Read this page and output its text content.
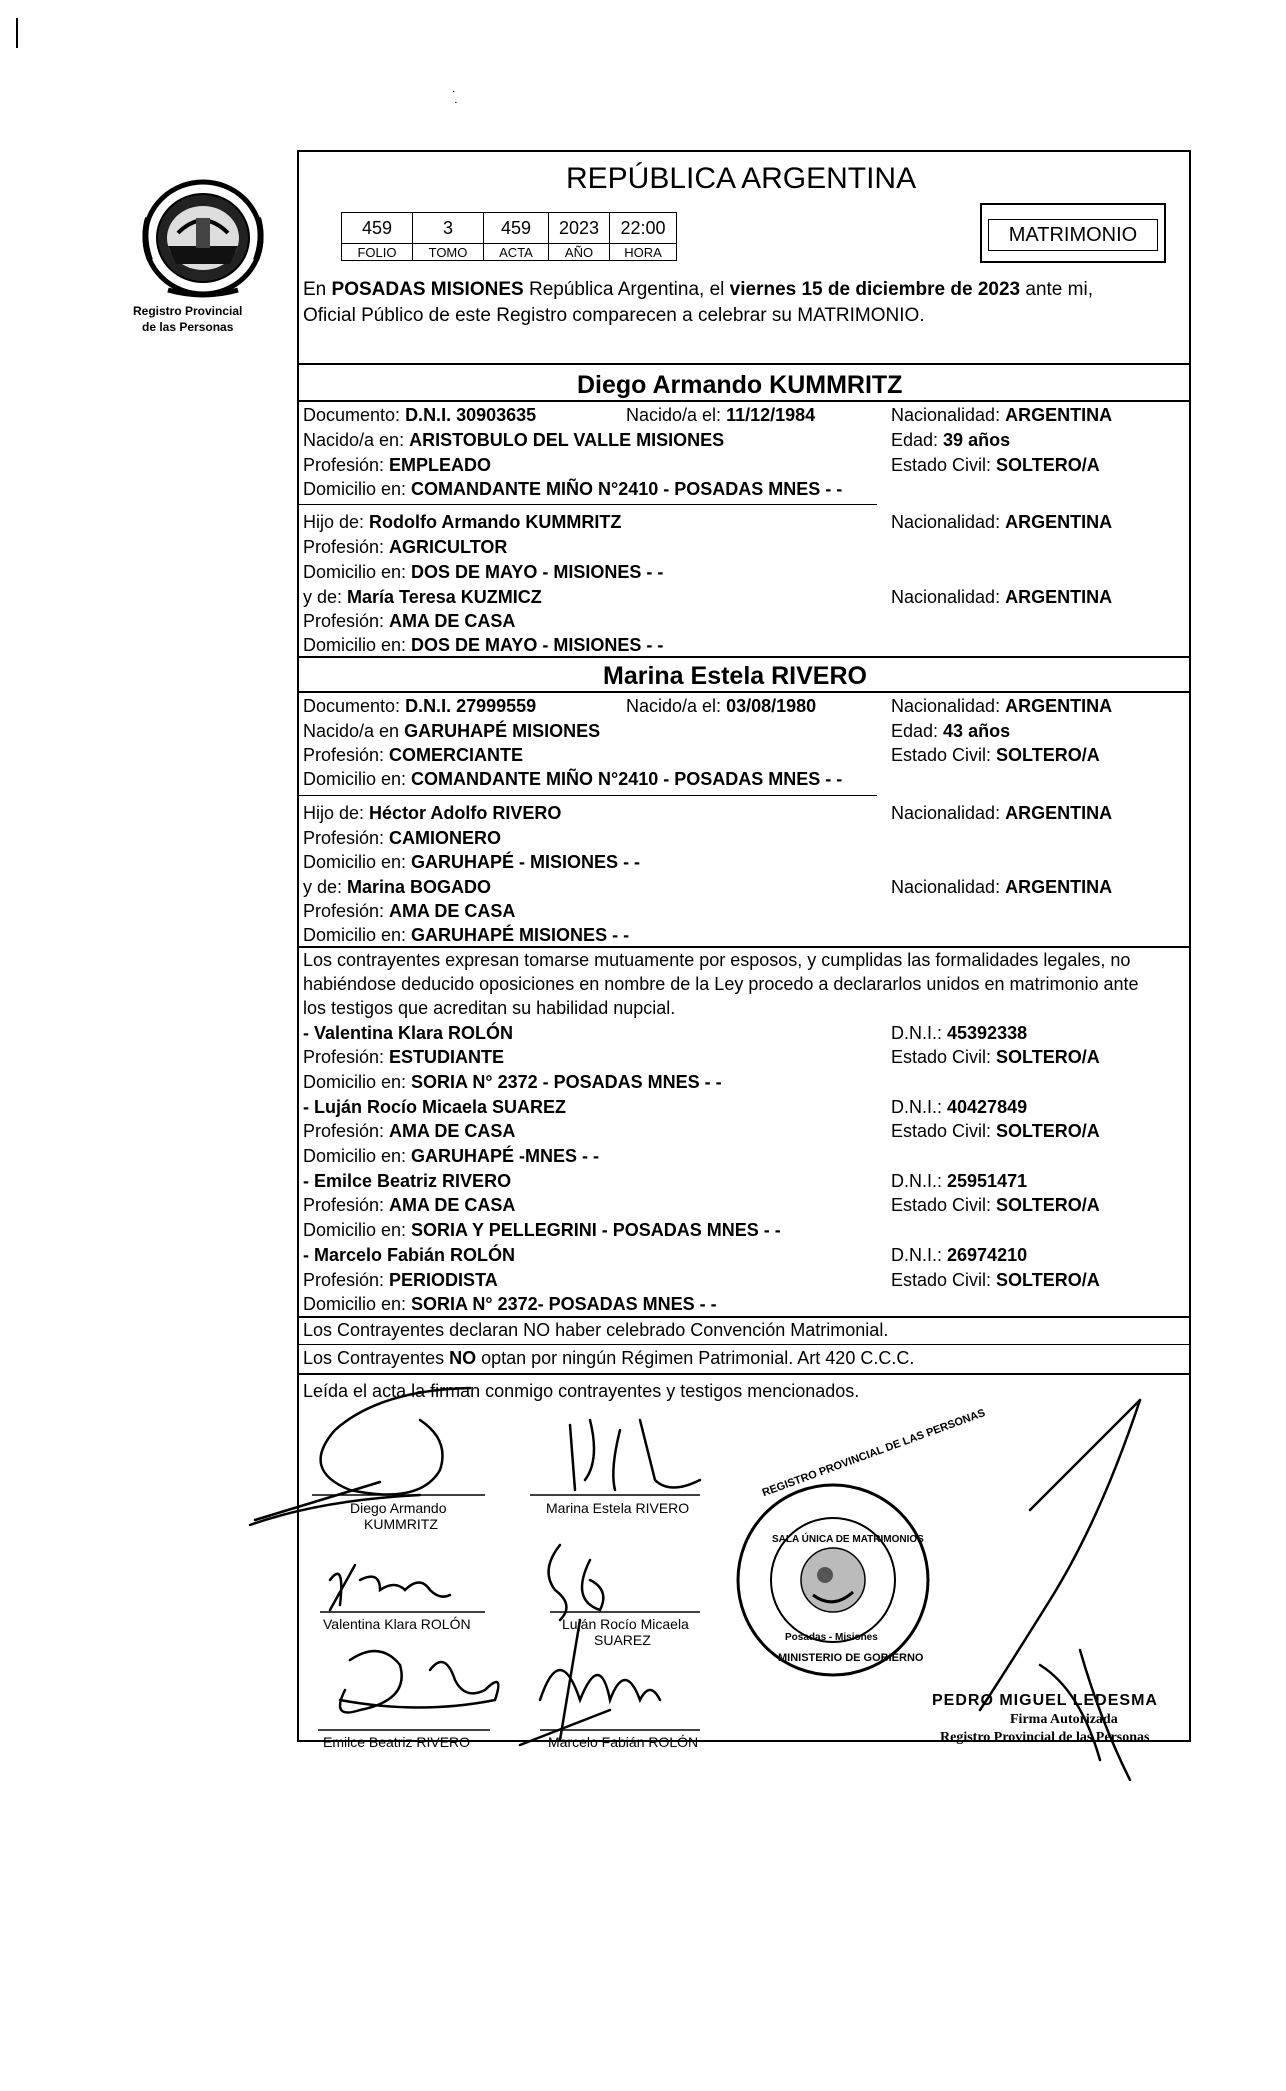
˙ ̣
Registro Provincial
de las Personas
REPÚBLICA ARGENTINA
459	3	459	2023	22:00
FOLIO	TOMO	ACTA	AÑO	HORA
MATRIMONIO
En POSADAS MISIONES República Argentina, el viernes 15 de diciembre de 2023 ante mi,
Oficial Público de este Registro comparecen a celebrar su MATRIMONIO.
Diego Armando KUMMRITZ
Documento: D.N.I. 30903635	Nacido/a el: 11/12/1984	Nacionalidad: ARGENTINA
Nacido/a en: ARISTOBULO DEL VALLE MISIONES	Edad: 39 años
Profesión: EMPLEADO	Estado Civil: SOLTERO/A
Domicilio en: COMANDANTE MIÑO N°2410 - POSADAS MNES - -
Hijo de: Rodolfo Armando KUMMRITZ	Nacionalidad: ARGENTINA
Profesión: AGRICULTOR
Domicilio en: DOS DE MAYO - MISIONES - -
y de: María Teresa KUZMICZ	Nacionalidad: ARGENTINA
Profesión: AMA DE CASA
Domicilio en: DOS DE MAYO - MISIONES - -
Marina Estela RIVERO
Documento: D.N.I. 27999559	Nacido/a el: 03/08/1980	Nacionalidad: ARGENTINA
Nacido/a en GARUHAPÉ MISIONES	Edad: 43 años
Profesión: COMERCIANTE	Estado Civil: SOLTERO/A
Domicilio en: COMANDANTE MIÑO N°2410 - POSADAS MNES - -
Hijo de: Héctor Adolfo RIVERO	Nacionalidad: ARGENTINA
Profesión: CAMIONERO
Domicilio en: GARUHAPÉ - MISIONES - -
y de: Marina BOGADO	Nacionalidad: ARGENTINA
Profesión: AMA DE CASA
Domicilio en: GARUHAPÉ MISIONES - -
Los contrayentes expresan tomarse mutuamente por esposos, y cumplidas las formalidades legales, no
habiéndose deducido oposiciones en nombre de la Ley procedo a declararlos unidos en matrimonio ante
los testigos que acreditan su habilidad nupcial.
- Valentina Klara ROLÓN	D.N.I.: 45392338
Profesión: ESTUDIANTE	Estado Civil: SOLTERO/A
Domicilio en: SORIA N° 2372 - POSADAS MNES - -
- Luján Rocío Micaela SUAREZ	D.N.I.: 40427849
Profesión: AMA DE CASA	Estado Civil: SOLTERO/A
Domicilio en: GARUHAPÉ -MNES - -
- Emilce Beatriz RIVERO	D.N.I.: 25951471
Profesión: AMA DE CASA	Estado Civil: SOLTERO/A
Domicilio en: SORIA Y PELLEGRINI - POSADAS MNES - -
- Marcelo Fabián ROLÓN	D.N.I.: 26974210
Profesión: PERIODISTA	Estado Civil: SOLTERO/A
Domicilio en: SORIA N° 2372- POSADAS MNES - -
Los Contrayentes declaran NO haber celebrado Convención Matrimonial.
Los Contrayentes NO optan por ningún Régimen Patrimonial. Art 420 C.C.C.
Leída el acta la firman conmigo contrayentes y testigos mencionados.
Diego Armando
KUMMRITZ
Marina Estela RIVERO
Valentina Klara ROLÓN	Luján Rocío Micaela
SUAREZ
Emilce Beatriz RIVERO	Marcelo Fabián ROLÓN
REGISTRO PROVINCIAL DE LAS PERSONAS
SALA ÚNICA DE MATRIMONIOS
Posadas - Misiones
MINISTERIO DE GOBIERNO
PEDRO MIGUEL LEDESMA
Firma Autorizada
Registro Provincial de las Personas
